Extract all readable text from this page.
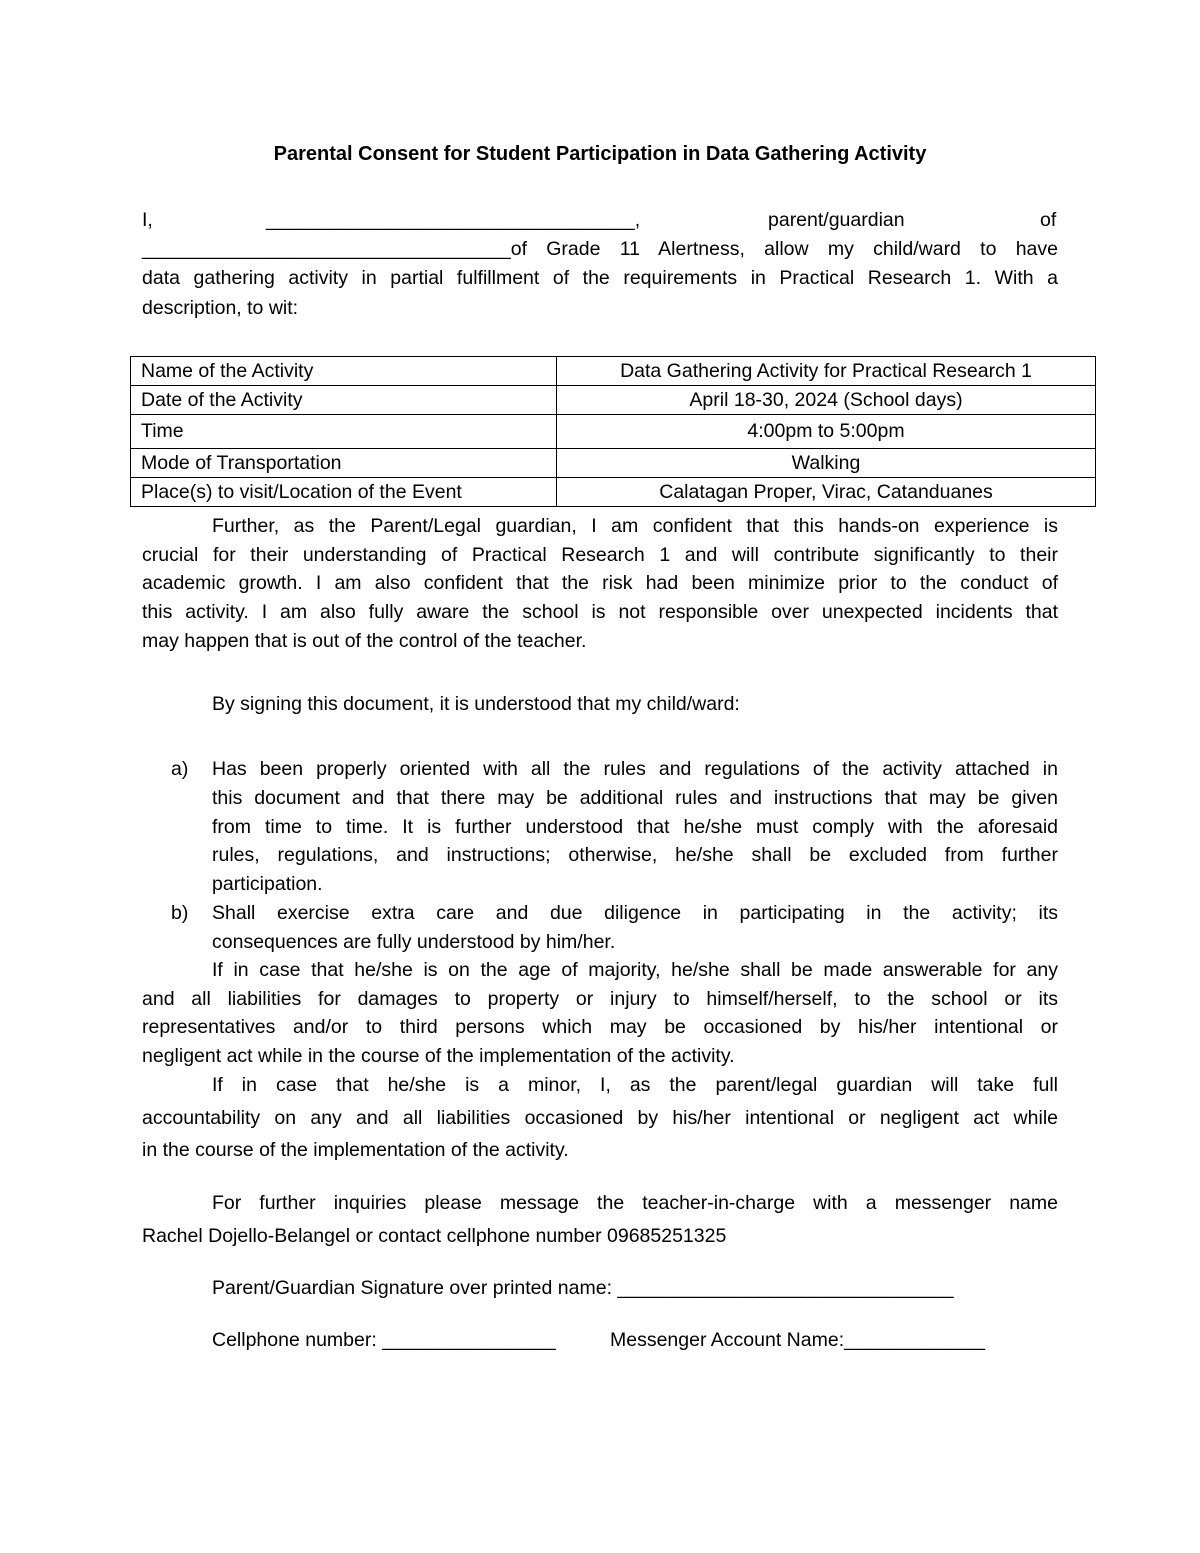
Parental Consent for Student Participation in Data Gathering Activity
I,	__________________________________,	parent/guardian	of
__________________________________of Grade 11 Alertness, allow my child/ward to have
data gathering activity in partial fulfillment of the requirements in Practical Research 1. With a
description, to wit:
Name of the Activity	Data Gathering Activity for Practical Research 1
Date of the Activity	April 18-30, 2024 (School days)
Time	4:00pm to 5:00pm
Mode of Transportation	Walking
Place(s) to visit/Location of the Event	Calatagan Proper, Virac, Catanduanes
Further, as the Parent/Legal guardian, I am confident that this hands-on experience is
crucial for their understanding of Practical Research 1 and will contribute significantly to their
academic growth. I am also confident that the risk had been minimize prior to the conduct of
this activity. I am also fully aware the school is not responsible over unexpected incidents that
may happen that is out of the control of the teacher.
By signing this document, it is understood that my child/ward:
a) Has been properly oriented with all the rules and regulations of the activity attached in
this document and that there may be additional rules and instructions that may be given
from time to time. It is further understood that he/she must comply with the aforesaid
rules, regulations, and instructions; otherwise, he/she shall be excluded from further
participation.
b) Shall exercise extra care and due diligence in participating in the activity; its
consequences are fully understood by him/her.
If in case that he/she is on the age of majority, he/she shall be made answerable for any
and all liabilities for damages to property or injury to himself/herself, to the school or its
representatives and/or to third persons which may be occasioned by his/her intentional or
negligent act while in the course of the implementation of the activity.
If in case that he/she is a minor, I, as the parent/legal guardian will take full
accountability on any and all liabilities occasioned by his/her intentional or negligent act while
in the course of the implementation of the activity.
For further inquiries please message the teacher-in-charge with a messenger name
Rachel Dojello-Belangel or contact cellphone number 09685251325
Parent/Guardian Signature over printed name: _______________________________
Cellphone number: ________________	Messenger Account Name:_____________
